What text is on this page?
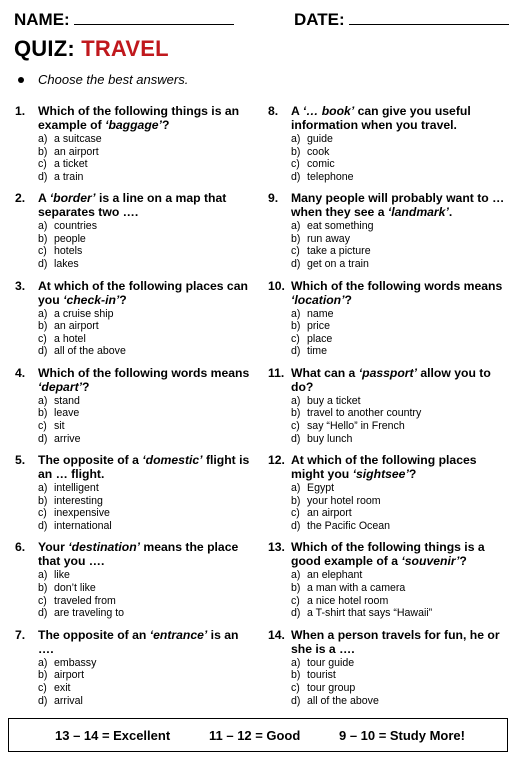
NAME:	DATE:
QUIZ: TRAVEL
Choose the best answers.
1.	Which of the following things is an example of ‘baggage’?
a) a suitcase
b) an airport
c) a ticket
d) a train
2.	A ‘border’ is a line on a map that separates two ….
a) countries
b) people
c) hotels
d) lakes
3.	At which of the following places can you ‘check-in’?
a) a cruise ship
b) an airport
c) a hotel
d) all of the above
4.	Which of the following words means ‘depart’?
a) stand
b) leave
c) sit
d) arrive
5.	The opposite of a ‘domestic’ flight is an … flight.
a) intelligent
b) interesting
c) inexpensive
d) international
6.	Your ‘destination’ means the place that you ….
a) like
b) don’t like
c) traveled from
d) are traveling to
7.	The opposite of an ‘entrance’ is an ….
a) embassy
b) airport
c) exit
d) arrival
8.	A ‘… book’ can give you useful information when you travel.
a) guide
b) cook
c) comic
d) telephone
9.	Many people will probably want to … when they see a ‘landmark’.
a) eat something
b) run away
c) take a picture
d) get on a train
10. Which of the following words means ‘location’?
a) name
b) price
c) place
d) time
11. What can a ‘passport’ allow you to do?
a) buy a ticket
b) travel to another country
c) say “Hello” in French
d) buy lunch
12. At which of the following places might you ‘sightsee’?
a) Egypt
b) your hotel room
c) an airport
d) the Pacific Ocean
13. Which of the following things is a good example of a ‘souvenir’?
a) an elephant
b) a man with a camera
c) a nice hotel room
d) a T-shirt that says “Hawaii”
14. When a person travels for fun, he or she is a ….
a) tour guide
b) tourist
c) tour group
d) all of the above
13 – 14 = Excellent	11 – 12 = Good	9 – 10 = Study More!
